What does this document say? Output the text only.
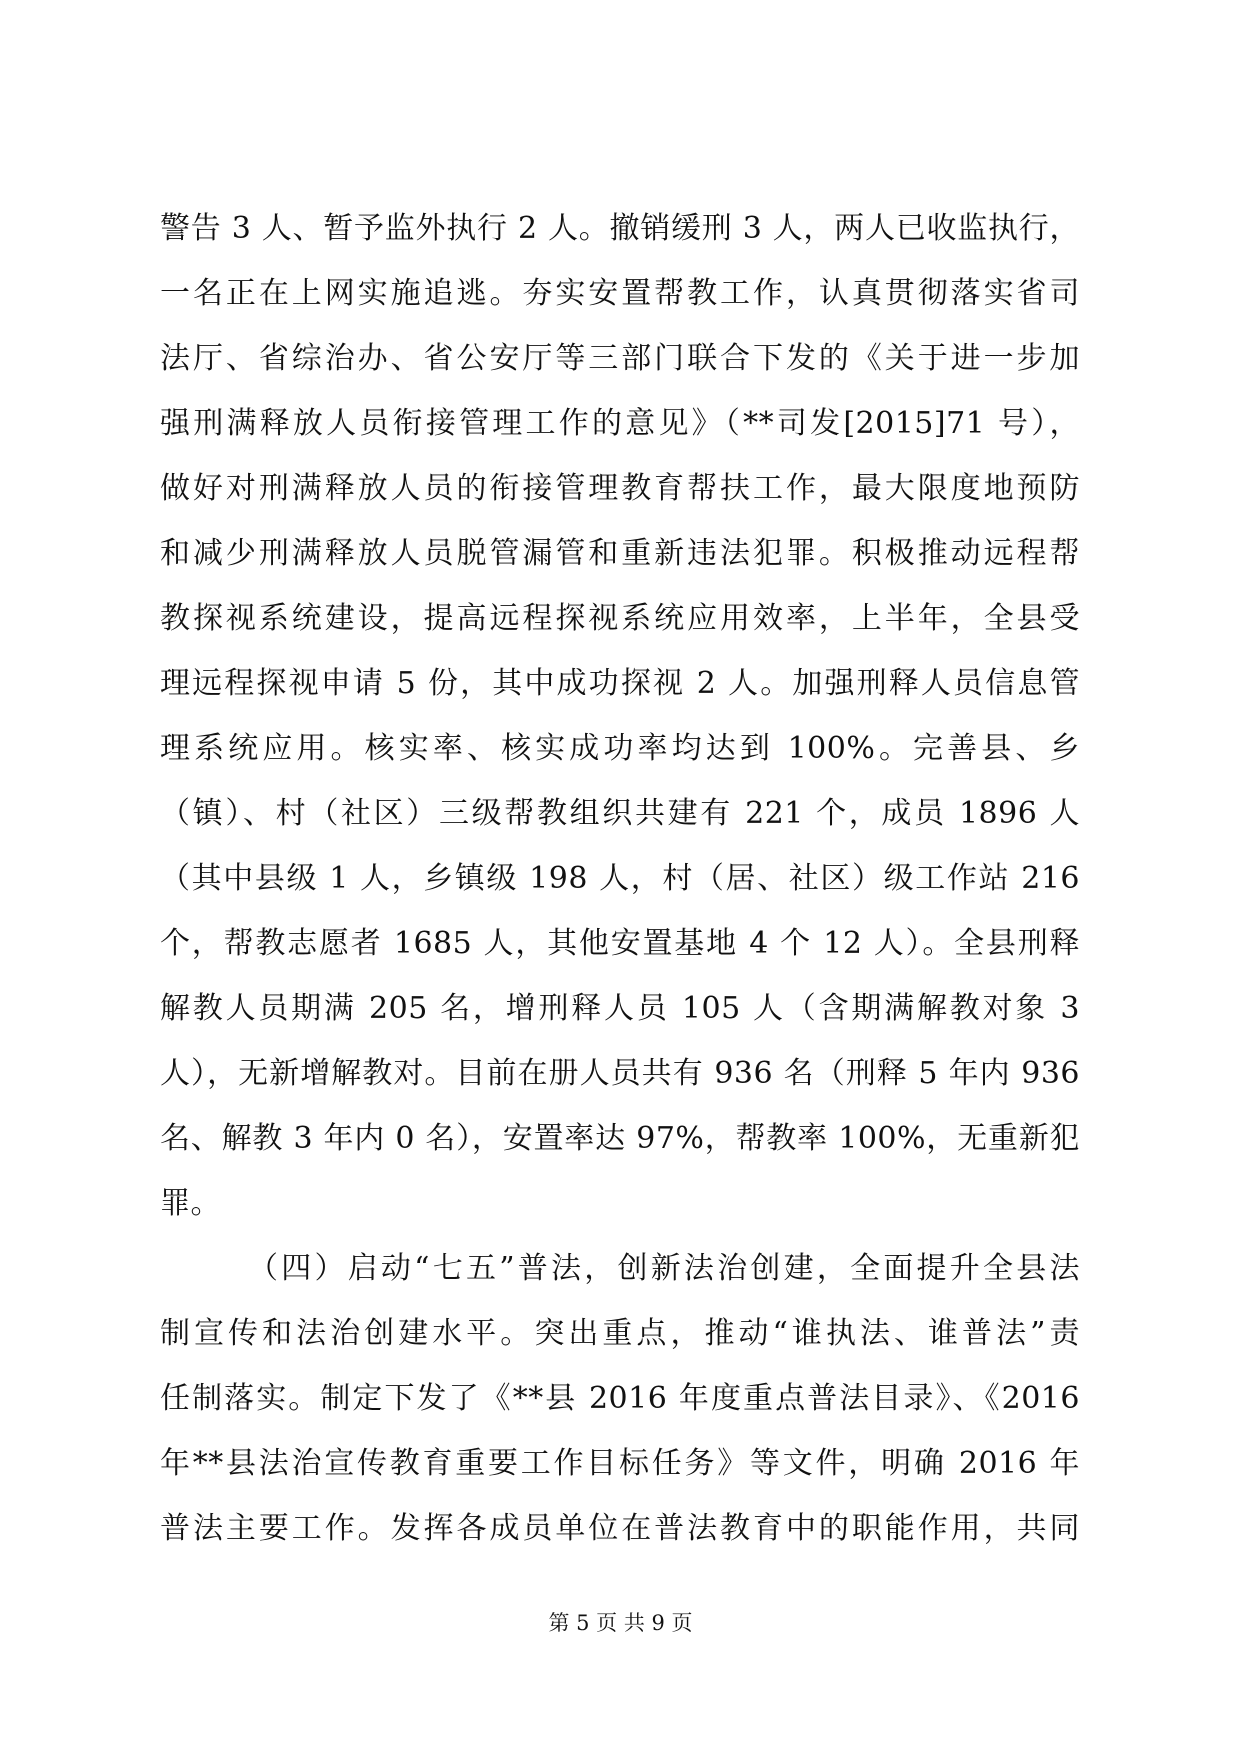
警告 3 人、暂予监外执行 2 人。撤销缓刑 3 人，两人已收监执行，
一名正在上网实施追逃。夯实安置帮教工作，认真贯彻落实省司
法厅、省综治办、省公安厅等三部门联合下发的《关于进一步加
强刑满释放人员衔接管理工作的意见》（**司发[2015]71 号），
做好对刑满释放人员的衔接管理教育帮扶工作，最大限度地预防
和减少刑满释放人员脱管漏管和重新违法犯罪。积极推动远程帮
教探视系统建设，提高远程探视系统应用效率，上半年，全县受
理远程探视申请 5 份，其中成功探视 2 人。加强刑释人员信息管
理系统应用。核实率、核实成功率均达到 100%。完善县、乡
（镇）、村（社区）三级帮教组织共建有 221 个，成员 1896 人
（其中县级 1 人，乡镇级 198 人，村（居、社区）级工作站 216
个，帮教志愿者 1685 人，其他安置基地 4 个 12 人）。全县刑释
解教人员期满 205 名，增刑释人员 105 人（含期满解教对象 3
人），无新增解教对。目前在册人员共有 936 名（刑释 5 年内 936
名、解教 3 年内 0 名），安置率达 97%，帮教率 100%，无重新犯
罪。
（四）启动“七五”普法，创新法治创建，全面提升全县法
制宣传和法治创建水平。突出重点，推动“谁执法、谁普法”责
任制落实。制定下发了《**县 2016 年度重点普法目录》、《2016
年**县法治宣传教育重要工作目标任务》等文件，明确 2016 年
普法主要工作。发挥各成员单位在普法教育中的职能作用，共同
第 5 页 共 9 页
